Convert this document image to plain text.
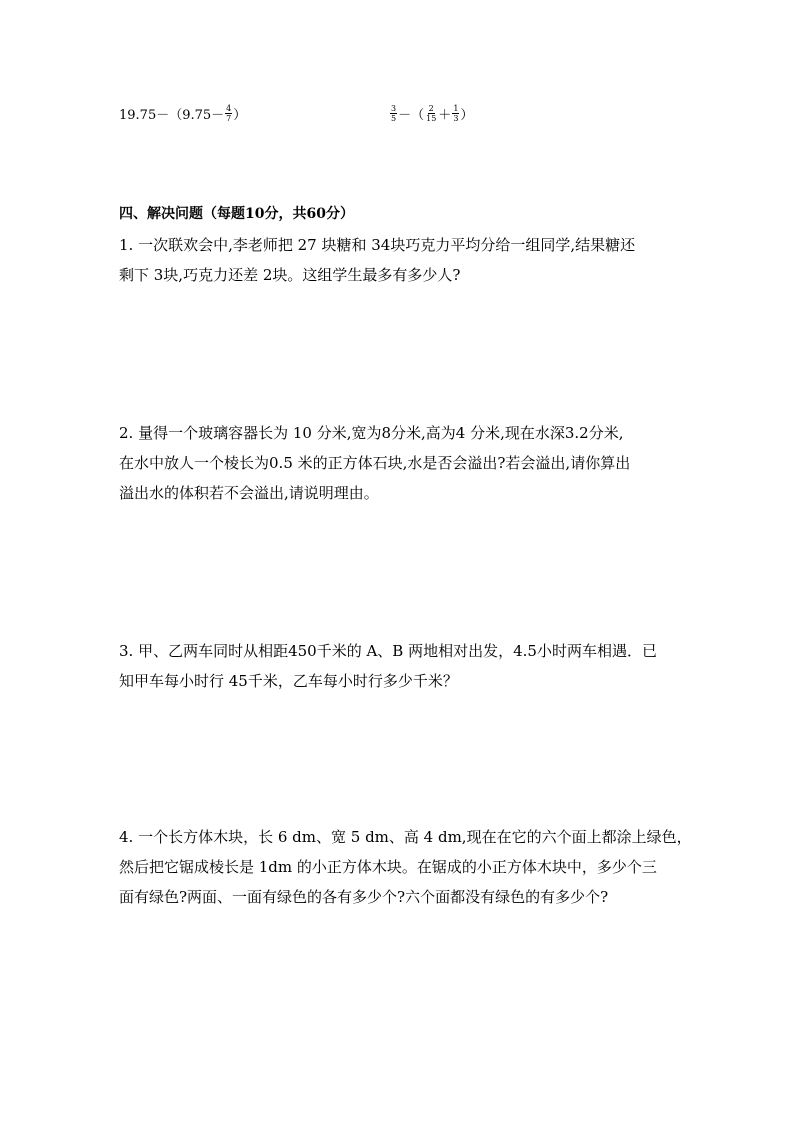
$19.75-(9.75- \frac{4}{7}$ ）	$\frac{3}{5}$ －（ $\frac{2}{15} + \frac{1}{3}$ ）
四、解决问题（每题10分，共60分）
1. 一次联欢会中,李老师把 27 块糖和 34块巧克力平均分给一组同学,结果糖还
剩下 3块,巧克力还差 2块。这组学生最多有多少人?
2. 量得一个玻璃容器长为 10 分米,宽为8分米,高为4 分米,现在水深3.2分米,
在水中放人一个棱长为0.5 米的正方体石块,水是否会溢出?若会溢出,请你算出
溢出水的体积若不会溢出,请说明理由。
3. 甲、乙两车同时从相距450千米的 A、B 两地相对出发，4.5小时两车相遇．已
知甲车每小时行 45千米，乙车每小时行多少千米？
4. 一个长方体木块，长 6 dm、宽 5 dm、高 4 dm,现在在它的六个面上都涂上绿色，
然后把它锯成棱长是 1dm 的小正方体木块。在锯成的小正方体木块中，多少个三
面有绿色?两面、一面有绿色的各有多少个?六个面都没有绿色的有多少个?
